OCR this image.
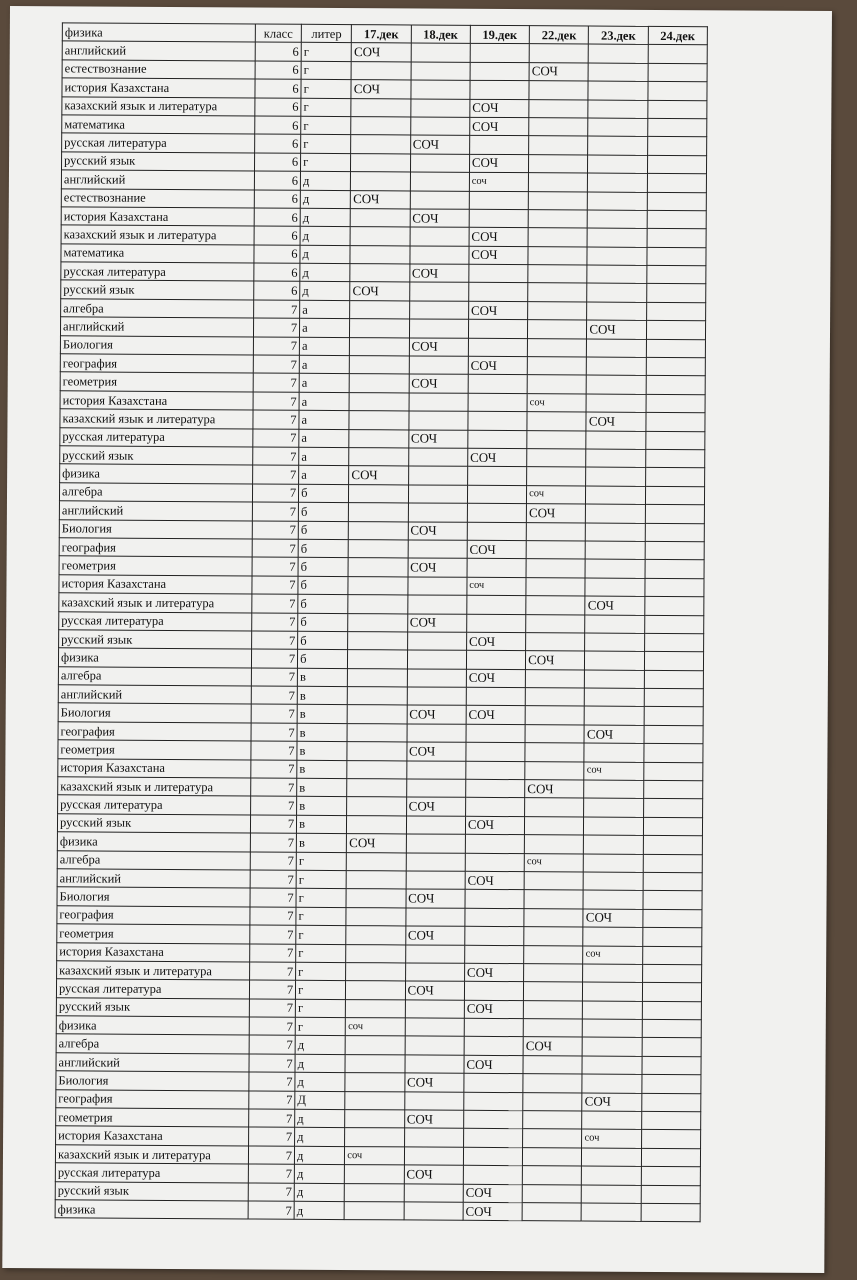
физика	класс	литер	17.дек	18.дек	19.дек	22.дек	23.дек	24.дек
английский	6	г	СОЧ					
естествознание	6	г				СОЧ		
история Казахстана	6	г	СОЧ					
казахский язык и литература	6	г			СОЧ			
математика	6	г			СОЧ			
русская литература	6	г		СОЧ				
русский язык	6	г			СОЧ			
английский	6	д			соч			
естествознание	6	д	СОЧ					
история Казахстана	6	д		СОЧ				
казахский язык и литература	6	д			СОЧ			
математика	6	д			СОЧ			
русская литература	6	д		СОЧ				
русский язык	6	д	СОЧ					
алгебра	7	а			СОЧ			
английский	7	а					СОЧ	
Биология	7	а		СОЧ				
география	7	а			СОЧ			
геометрия	7	а		СОЧ				
история Казахстана	7	а				соч		
казахский язык и литература	7	а					СОЧ	
русская литература	7	а		СОЧ				
русский язык	7	а			СОЧ			
физика	7	а	СОЧ					
алгебра	7	б				соч		
английский	7	б				СОЧ		
Биология	7	б		СОЧ				
география	7	б			СОЧ			
геометрия	7	б		СОЧ				
история Казахстана	7	б			соч			
казахский язык и литература	7	б					СОЧ	
русская литература	7	б		СОЧ				
русский язык	7	б			СОЧ			
физика	7	б				СОЧ		
алгебра	7	в			СОЧ			
английский	7	в						
Биология	7	в		СОЧ	СОЧ			
география	7	в					СОЧ	
геометрия	7	в		СОЧ				
история Казахстана	7	в					соч	
казахский язык и литература	7	в				СОЧ		
русская литература	7	в		СОЧ				
русский язык	7	в			СОЧ			
физика	7	в	СОЧ					
алгебра	7	г				соч		
английский	7	г			СОЧ			
Биология	7	г		СОЧ				
география	7	г					СОЧ	
геометрия	7	г		СОЧ				
история Казахстана	7	г					соч	
казахский язык и литература	7	г			СОЧ			
русская литература	7	г		СОЧ				
русский язык	7	г			СОЧ			
физика	7	г	соч					
алгебра	7	д				СОЧ		
английский	7	д			СОЧ			
Биология	7	д		СОЧ				
география	7	Д					СОЧ	
геометрия	7	д		СОЧ				
история Казахстана	7	д					соч	
казахский язык и литература	7	д	соч					
русская литература	7	д		СОЧ				
русский язык	7	д			СОЧ			
физика	7	д			СОЧ			
